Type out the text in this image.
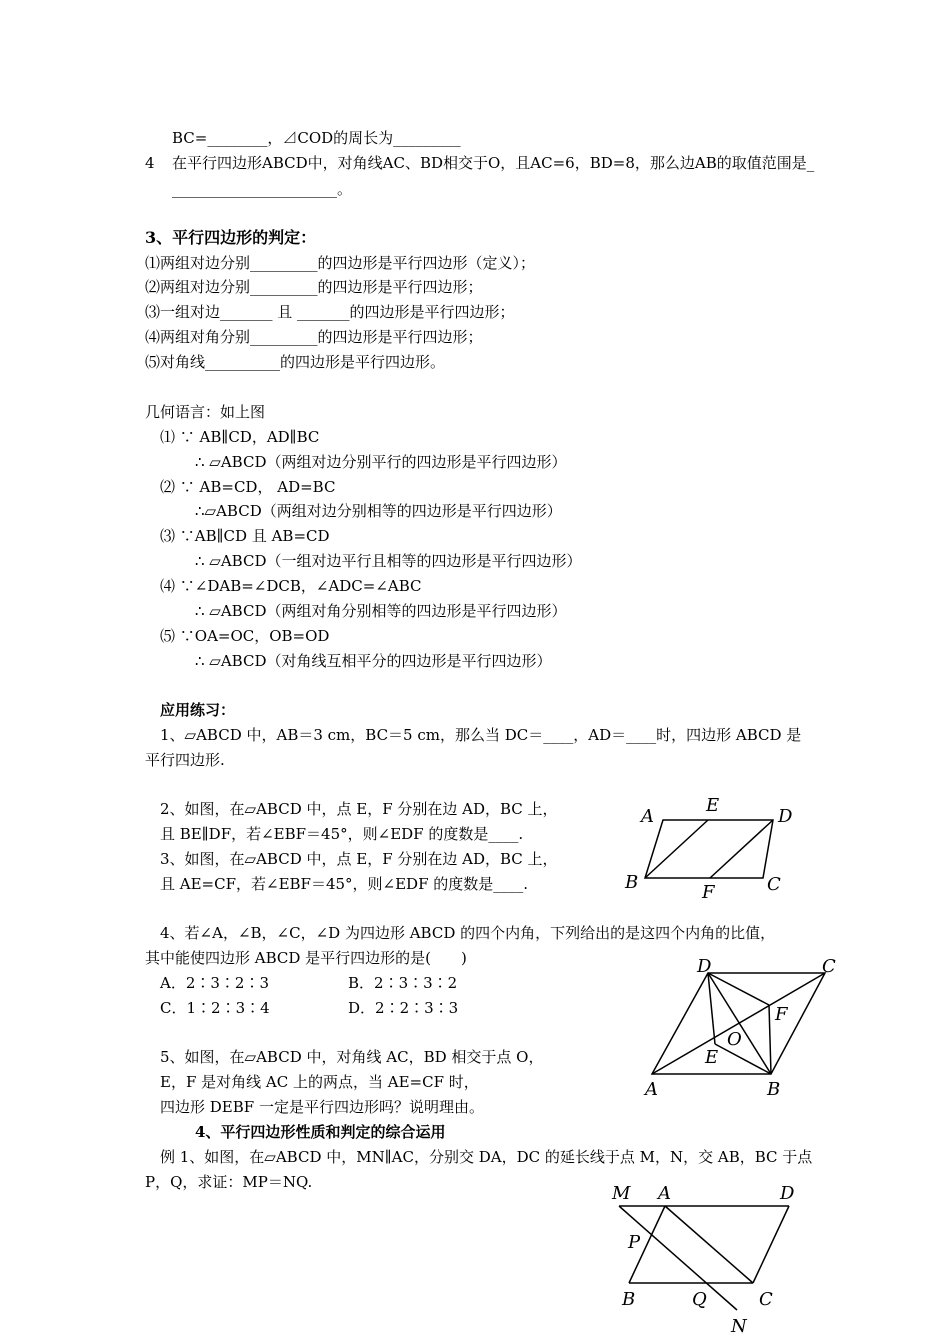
BC=________，⊿COD的周长为_________
4 在平行四边形ABCD中，对角线AC、BD相交于O，且AC=6，BD=8，那么边AB的取值范围是_
______________________。
3、平行四边形的判定：
⑴两组对边分别_________的四边形是平行四边形（定义）；
⑵两组对边分别_________的四边形是平行四边形；
⑶一组对边_______ 且 _______的四边形是平行四边形；
⑷两组对角分别_________的四边形是平行四边形；
⑸对角线__________的四边形是平行四边形。
几何语言：如上图
⑴ ∵ AB∥CD，AD∥BC
∴ ▱ABCD（两组对边分别平行的四边形是平行四边形）
⑵ ∵ AB=CD， AD=BC
∴▱ABCD（两组对边分别相等的四边形是平行四边形）
⑶ ∵AB∥CD 且 AB=CD
∴ ▱ABCD（一组对边平行且相等的四边形是平行四边形）
⑷ ∵∠DAB=∠DCB，∠ADC=∠ABC
∴ ▱ABCD（两组对角分别相等的四边形是平行四边形）
⑸ ∵OA=OC，OB=OD
∴ ▱ABCD（对角线互相平分的四边形是平行四边形）
应用练习：
1、▱ABCD 中，AB＝3 cm，BC＝5 cm，那么当 DC＝____，AD＝____时，四边形 ABCD 是
平行四边形.
2、如图，在▱ABCD 中，点 E，F 分别在边 AD，BC 上，
且 BE∥DF，若∠EBF＝45°，则∠EDF 的度数是____.
3、如图，在▱ABCD 中，点 E，F 分别在边 AD，BC 上，
且 AE=CF，若∠EBF＝45°，则∠EDF 的度数是____.
4、若∠A，∠B，∠C，∠D 为四边形 ABCD 的四个内角，下列给出的是这四个内角的比值，
其中能使四边形 ABCD 是平行四边形的是(　　)
A．2∶3∶2∶3	B．2∶3∶3∶2
C．1∶2∶3∶4	D．2∶2∶3∶3
5、如图，在▱ABCD 中，对角线 AC，BD 相交于点 O，
E，F 是对角线 AC 上的两点，当 AE=CF 时，
四边形 DEBF 一定是平行四边形吗？说明理由。
4、平行四边形性质和判定的综合运用
例 1、如图，在▱ABCD 中，MN∥AC，分别交 DA，DC 的延长线于点 M，N，交 AB，BC 于点
P，Q，求证：MP＝NQ.
A
E
D
B	F	C
D	C
F
O
E
A	B
M A	D
P
B	Q	C
N
